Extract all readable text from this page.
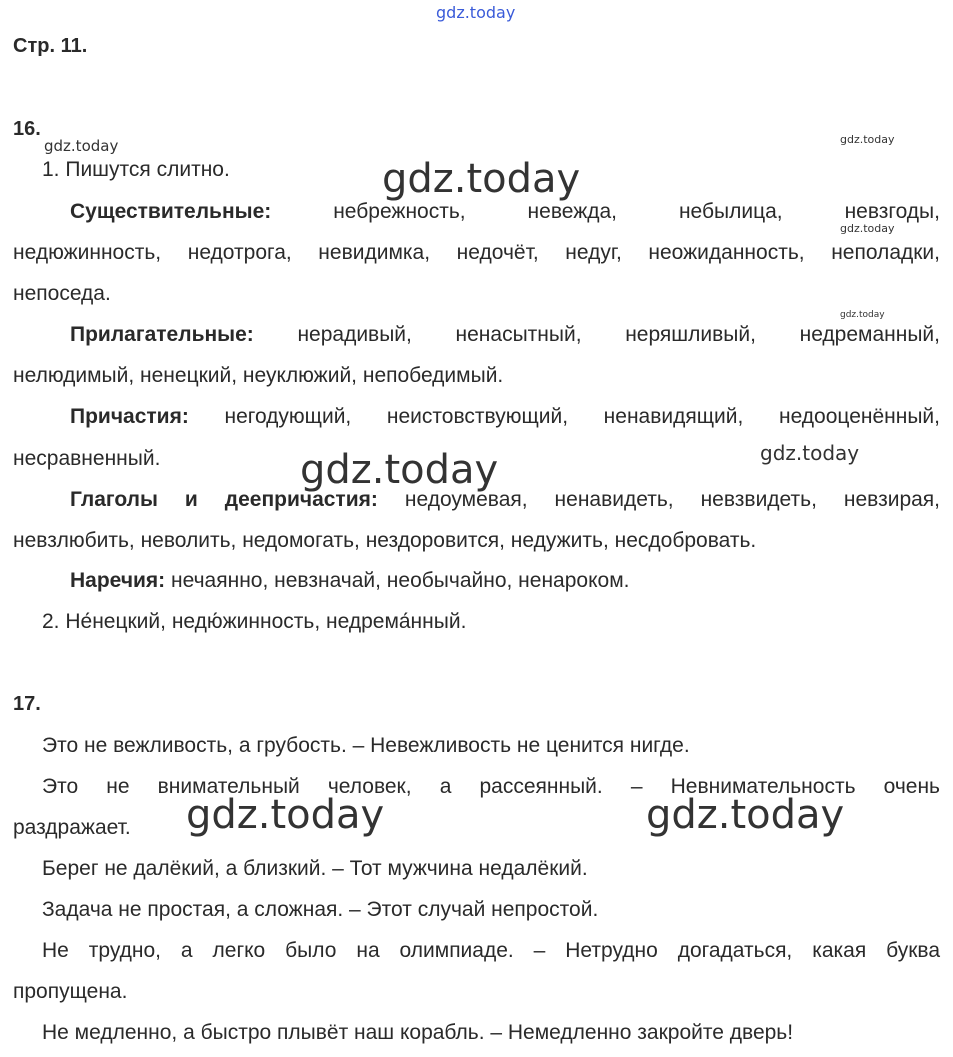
gdz.today
gdz.today	gdz.today
gdz.today
gdz.today
gdz.today
gdz.today
gdz.today
gdz.today	gdz.today
Стр. 11.
16.
1. Пишутся слитно.
Существительные:	небрежность, невежда, небылица, невзгоды,
недюжинность, недотрога, невидимка, недочёт, недуг, неожиданность, неполадки,
непоседа.
Прилагательные: нерадивый, ненасытный, неряшливый, недреманный,
нелюдимый, ненецкий, неуклюжий, непобедимый.
Причастия: негодующий, неистовствующий, ненавидящий, недооценённый,
несравненный.
Глаголы и деепричастия: недоумевая, ненавидеть, невзвидеть, невзирая,
невзлюбить, неволить, недомогать, нездоровится, недужить, несдобровать.
Наречия: нечаянно, невзначай, необычайно, ненароком.
2. Не́нецкий, недю́жинность, недрема́нный.
17.
Это не вежливость, а грубость. – Невежливость не ценится нигде.
Это не внимательный человек, а рассеянный. – Невнимательность очень
раздражает.
Берег не далёкий, а близкий. – Тот мужчина недалёкий.
Задача не простая, а сложная. – Этот случай непростой.
Не трудно, а легко было на олимпиаде. – Нетрудно догадаться, какая буква
пропущена.
Не медленно, а быстро плывёт наш корабль. – Немедленно закройте дверь!
